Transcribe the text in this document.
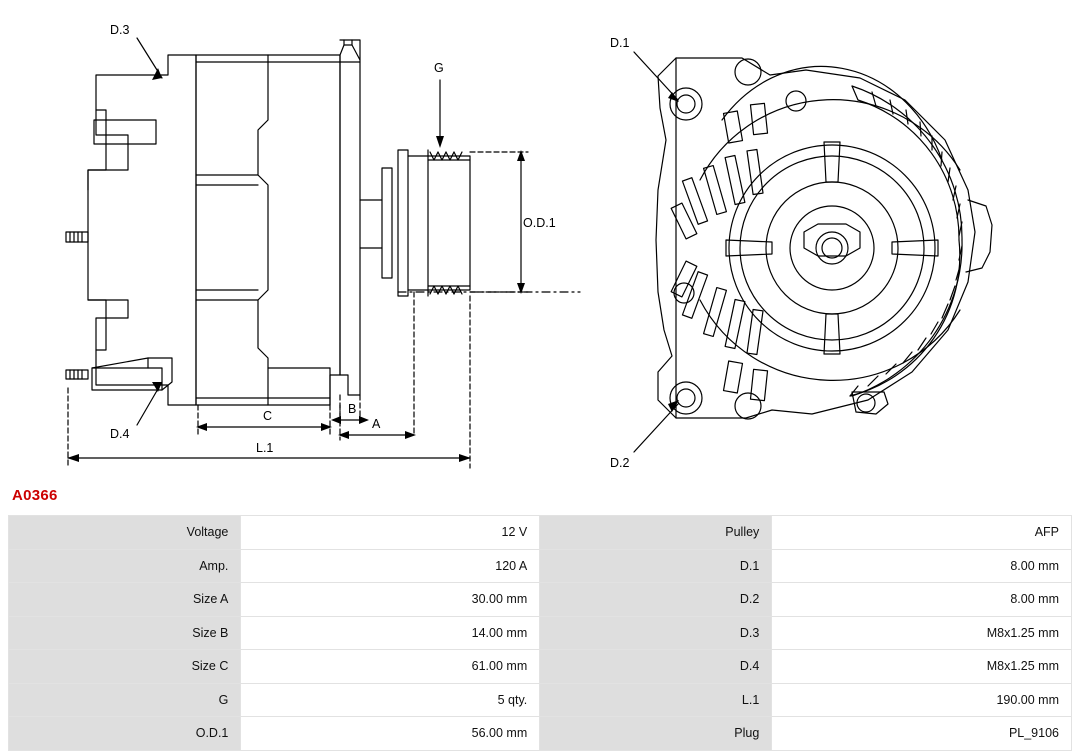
D.3
G
O.D.1
C	B
A
D.4
L.1
D.1
D.2
A0366
Voltage	12 V	Pulley	AFP
Amp.	120 A	D.1	8.00 mm
Size A	30.00 mm	D.2	8.00 mm
Size B	14.00 mm	D.3	M8x1.25 mm
Size C	61.00 mm	D.4	M8x1.25 mm
G	5 qty.	L.1	190.00 mm
O.D.1	56.00 mm	Plug	PL_9106
